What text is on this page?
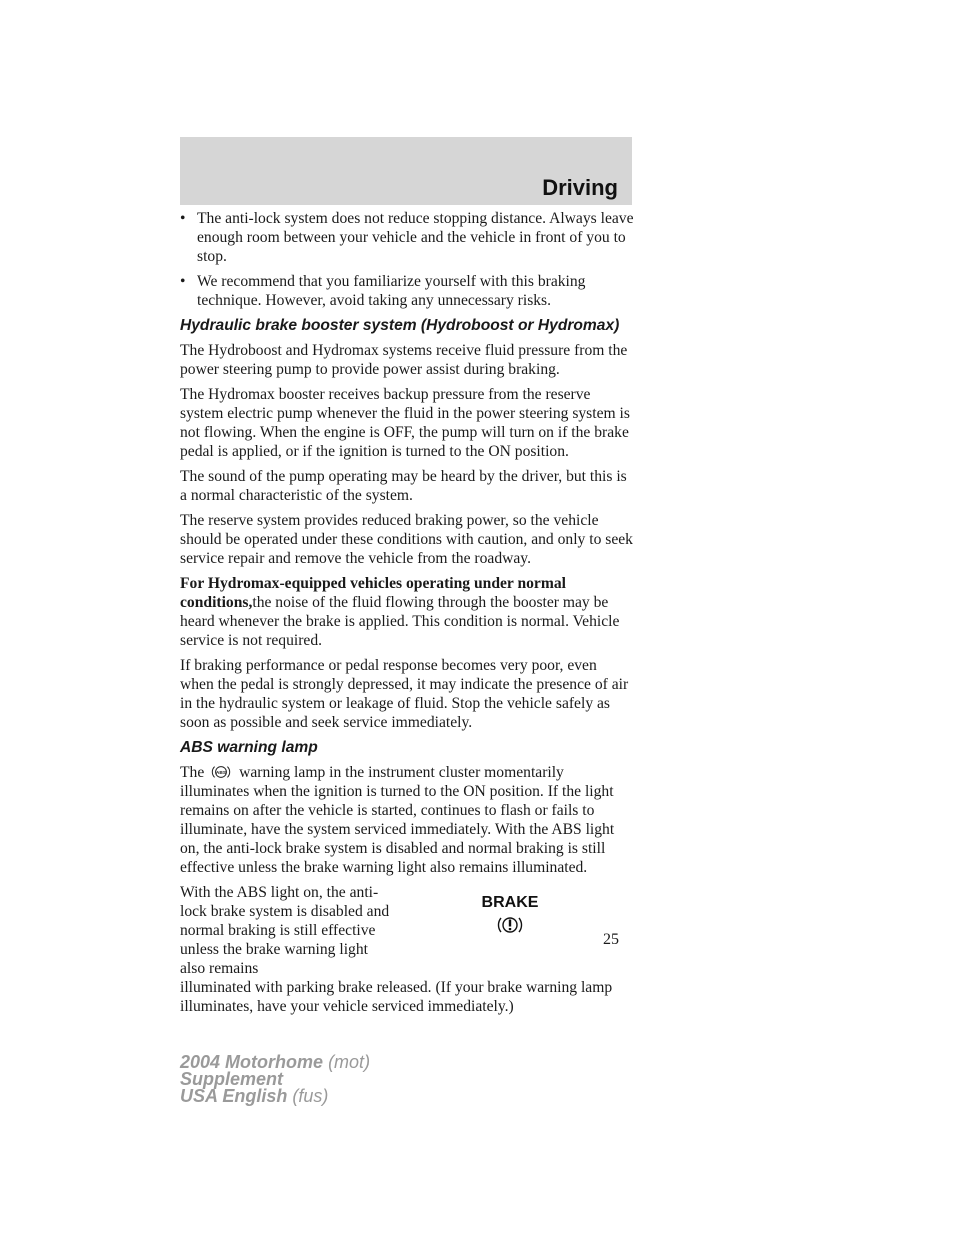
Driving
• The anti-lock system does not reduce stopping distance. Always leave enough room between your vehicle and the vehicle in front of you to stop.
• We recommend that you familiarize yourself with this braking technique. However, avoid taking any unnecessary risks.
Hydraulic brake booster system (Hydroboost or Hydromax)

The Hydroboost and Hydromax systems receive fluid pressure from the power steering pump to provide power assist during braking.

The Hydromax booster receives backup pressure from the reserve system electric pump whenever the fluid in the power steering system is not flowing. When the engine is OFF, the pump will turn on if the brake pedal is applied, or if the ignition is turned to the ON position.

The sound of the pump operating may be heard by the driver, but this is a normal characteristic of the system.

The reserve system provides reduced braking power, so the vehicle should be operated under these conditions with caution, and only to seek service repair and remove the vehicle from the roadway.

For Hydromax-equipped vehicles operating under normal conditions,the noise of the fluid flowing through the booster may be heard whenever the brake is applied. This condition is normal. Vehicle service is not required.

If braking performance or pedal response becomes very poor, even when the pedal is strongly depressed, it may indicate the presence of air in the hydraulic system or leakage of fluid. Stop the vehicle safely as soon as possible and seek service immediately.

ABS warning lamp

The ABS warning lamp in the instrument cluster momentarily illuminates when the ignition is turned to the ON position. If the light remains on after the vehicle is started, continues to flash or fails to illuminate, have the system serviced immediately. With the ABS light on, the anti-lock brake system is disabled and normal braking is still effective unless the brake warning light also remains illuminated.

With the ABS light on, the anti-lock brake system is disabled and normal braking is still effective unless the brake warning light also remains
illuminated with parking brake released. (If your brake warning lamp illuminates, have your vehicle serviced immediately.)
BRAKE
25
2004 Motorhome (mot)
Supplement
USA English (fus)
